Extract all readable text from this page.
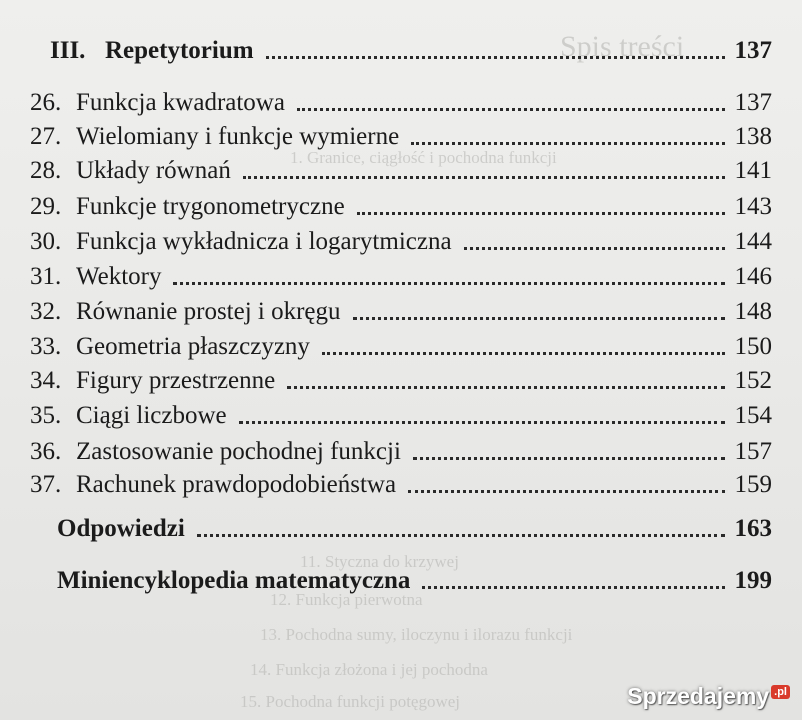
Spis treści
1. Granice, ciągłość i pochodna funkcji
11. Styczna do krzywej
12. Funkcja pierwotna
13. Pochodna sumy, iloczynu i ilorazu funkcji
14. Funkcja złożona i jej pochodna
15. Pochodna funkcji potęgowej
III. Repetytorium	137
26. Funkcja kwadratowa	137
27. Wielomiany i funkcje wymierne	138
28. Układy równań	141
29. Funkcje trygonometryczne	143
30. Funkcja wykładnicza i logarytmiczna	144
31. Wektory	146
32. Równanie prostej i okręgu	148
33. Geometria płaszczyzny	150
34. Figury przestrzenne	152
35. Ciągi liczbowe	154
36. Zastosowanie pochodnej funkcji	157
37. Rachunek prawdopodobieństwa	159
Odpowiedzi	163
Miniencyklopedia matematyczna	199
Sprzedajemy .pl
